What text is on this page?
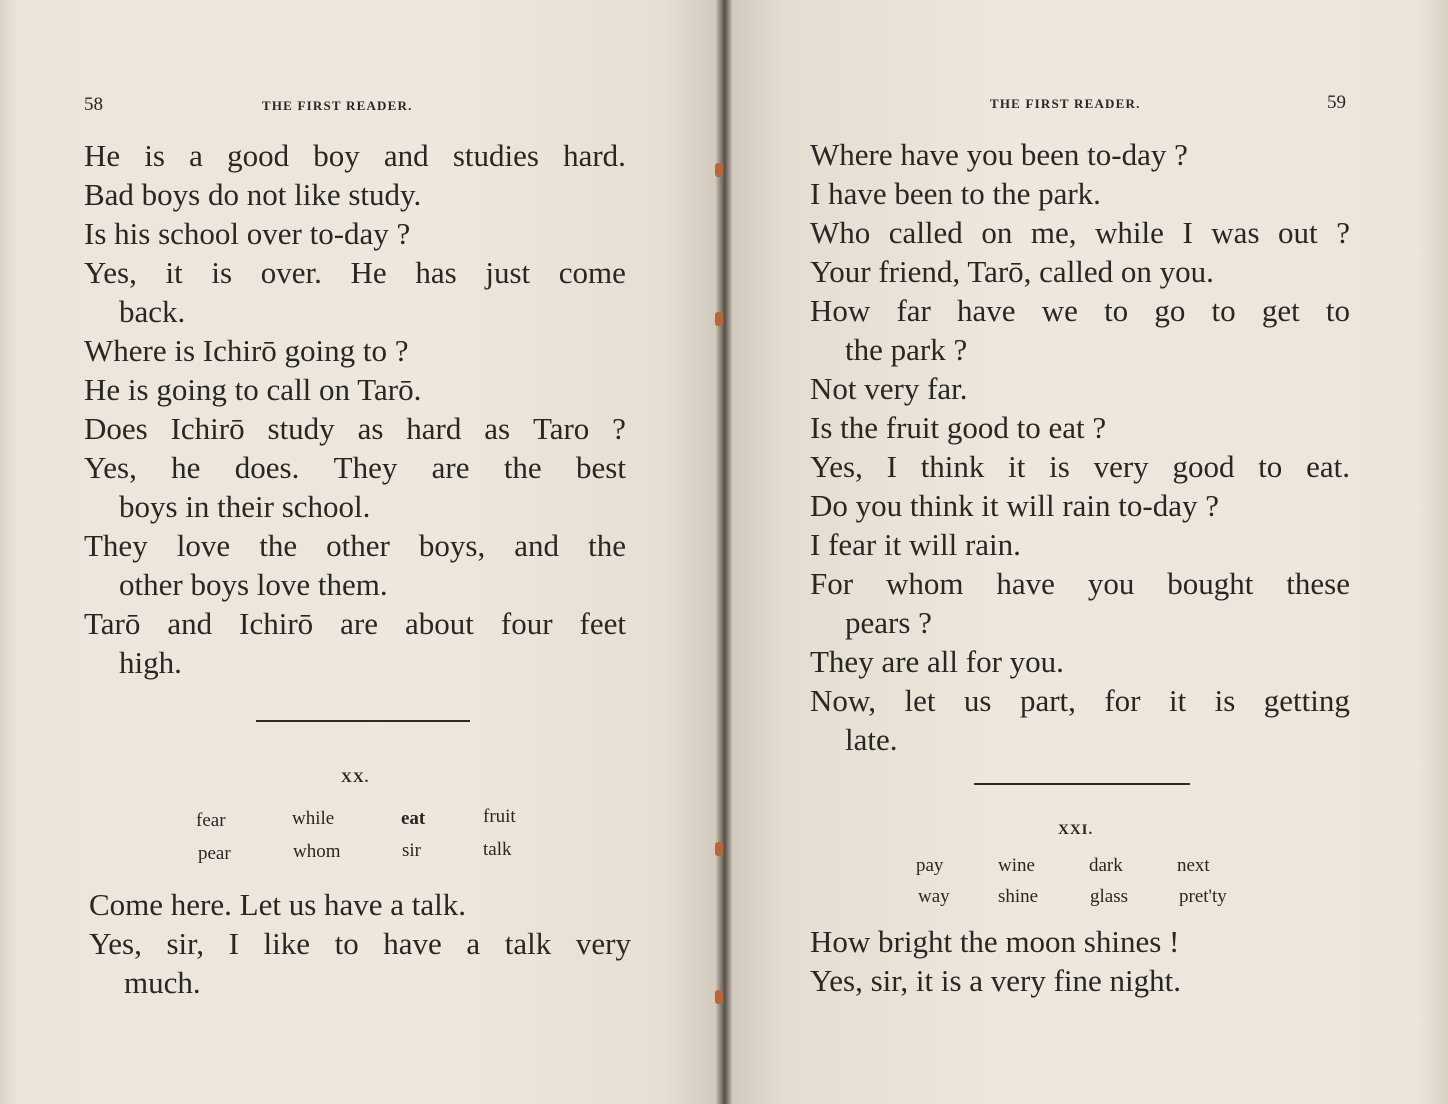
58	THE FIRST READER.
He is a good boy and studies hard.
Bad boys do not like study.
Is his school over to-day ?
Yes, it is over. He has just come
back.
Where is Ichirō going to ?
He is going to call on Tarō.
Does Ichirō study as hard as Taro ?
Yes, he does. They are the best
boys in their school.
They love the other boys, and the
other boys love them.
Tarō and Ichirō are about four feet
high.
XX.
fear	while	eat	fruit
pear	whom	sir	talk
Come here. Let us have a talk.
Yes, sir, I like to have a talk very
much.
THE FIRST READER.	59
Where have you been to-day ?
I have been to the park.
Who called on me, while I was out ?
Your friend, Tarō, called on you.
How far have we to go to get to
the park ?
Not very far.
Is the fruit good to eat ?
Yes, I think it is very good to eat.
Do you think it will rain to-day ?
I fear it will rain.
For whom have you bought these
pears ?
They are all for you.
Now, let us part, for it is getting
late.
XXI.
pay	wine	dark	next
way	shine	glass	pret'ty
How bright the moon shines !
Yes, sir, it is a very fine night.
